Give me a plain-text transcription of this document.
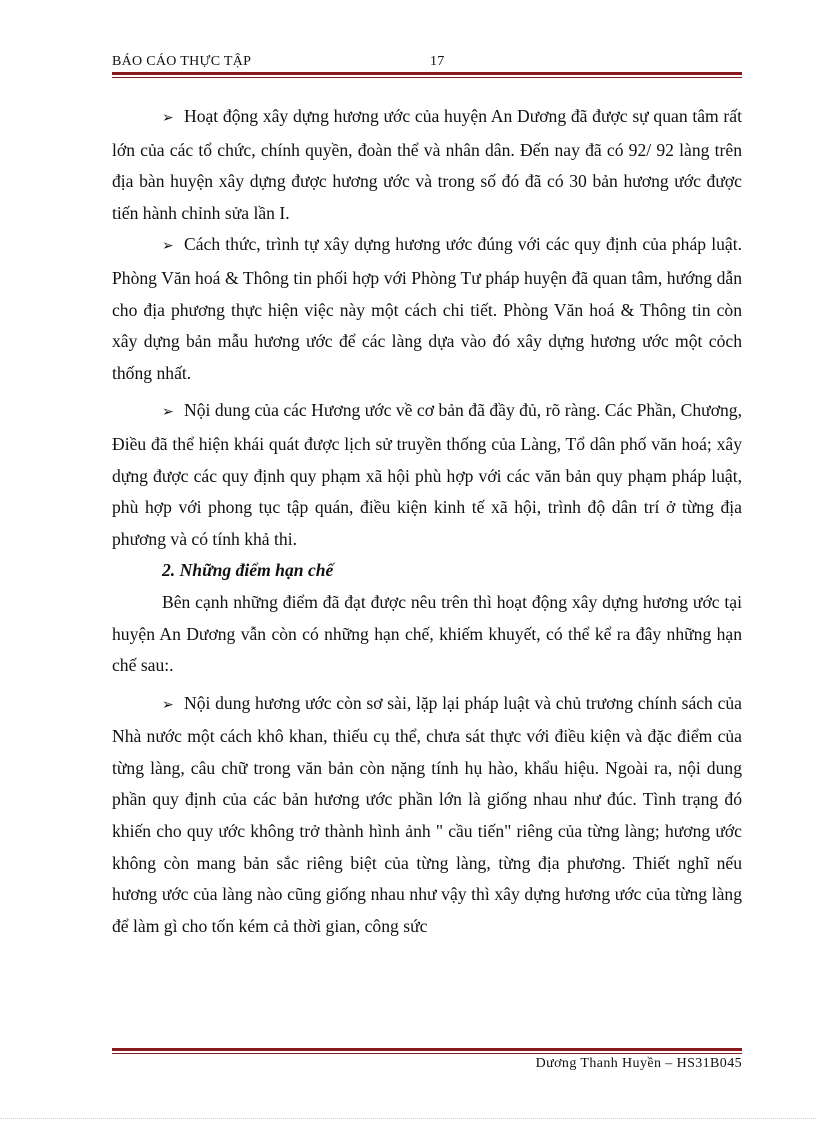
BÁO CÁO THỰC TẬP	17

➢ Hoạt động xây dựng hương ước của huyện An Dương đã được sự quan tâm rất lớn của các tổ chức, chính quyền, đoàn thể và nhân dân. Đến nay đã có 92/ 92 làng trên địa bàn huyện xây dựng được hương ước và trong số đó đã có 30 bản hương ước được tiến hành chỉnh sửa lần I.

➢ Cách thức, trình tự xây dựng hương ước đúng với các quy định của pháp luật. Phòng Văn hoá & Thông tin phối hợp với Phòng Tư pháp huyện đã quan tâm, hướng dẫn cho địa phương thực hiện việc này một cách chi tiết. Phòng Văn hoá & Thông tin còn xây dựng bản mẫu hương ước để các làng dựa vào đó xây dựng hương ước một cỏch thống nhất.

➢ Nội dung của các Hương ước về cơ bản đã đầy đủ, rõ ràng. Các Phần, Chương, Điều đã thể hiện khái quát được lịch sử truyền thống của Làng, Tổ dân phố văn hoá; xây dựng được các quy định quy phạm xã hội phù hợp với các văn bản quy phạm pháp luật, phù hợp với phong tục tập quán, điều kiện kinh tế xã hội, trình độ dân trí ở từng địa phương và có tính khả thi.

2. Những điểm hạn chế

Bên cạnh những điểm đã đạt được nêu trên thì hoạt động xây dựng hương ước tại huyện An Dương vẫn còn có những hạn chế, khiếm khuyết, có thể kể ra đây những hạn chế sau:.

➢ Nội dung hương ước còn sơ sài, lặp lại pháp luật và chủ trương chính sách của Nhà nước một cách khô khan, thiếu cụ thể, chưa sát thực với điều kiện và đặc điểm của từng làng, câu chữ trong văn bản còn nặng tính hụ hào, khẩu hiệu. Ngoài ra, nội dung phần quy định của các bản hương ước phần lớn là giống nhau như đúc. Tình trạng đó khiến cho quy ước không trở thành hình ảnh " cầu tiến" riêng của từng làng; hương ước không còn mang bản sắc riêng biệt của từng làng, từng địa phương. Thiết nghĩ nếu hương ước của làng nào cũng giống nhau như vậy thì xây dựng hương ước của từng làng để làm gì cho tốn kém cả thời gian, công sức

Dương Thanh Huyền – HS31B045
